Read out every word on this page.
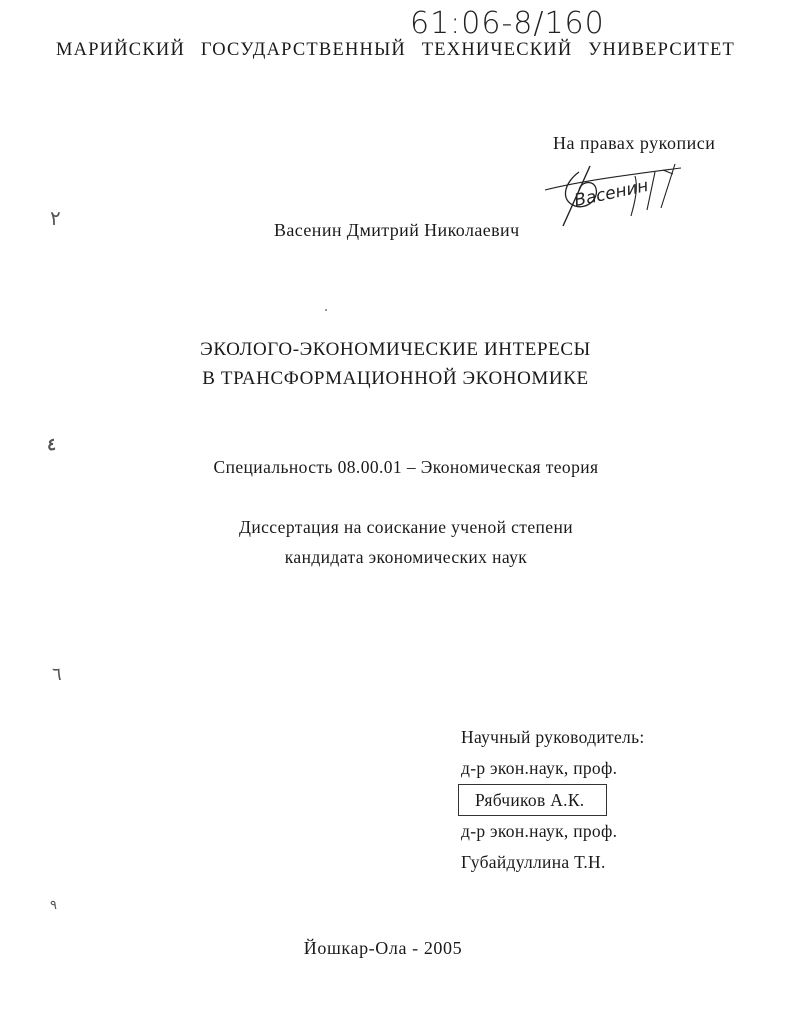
61:06-8/160
МАРИЙСКИЙ ГОСУДАРСТВЕННЫЙ ТЕХНИЧЕСКИЙ УНИВЕРСИТЕТ
На правах рукописи
Васенин
Васенин Дмитрий Николаевич
ЭКОЛОГО-ЭКОНОМИЧЕСКИЕ ИНТЕРЕСЫ
В ТРАНСФОРМАЦИОННОЙ ЭКОНОМИКЕ
Специальность 08.00.01 – Экономическая теория
Диссертация на соискание ученой степени
кандидата экономических наук
Научный руководитель:
д-р экон.наук, проф.
Рябчиков А.К.
д-р экон.наук, проф.
Губайдуллина Т.Н.
Йошкар-Ола - 2005
٢
٤
٦
٩
